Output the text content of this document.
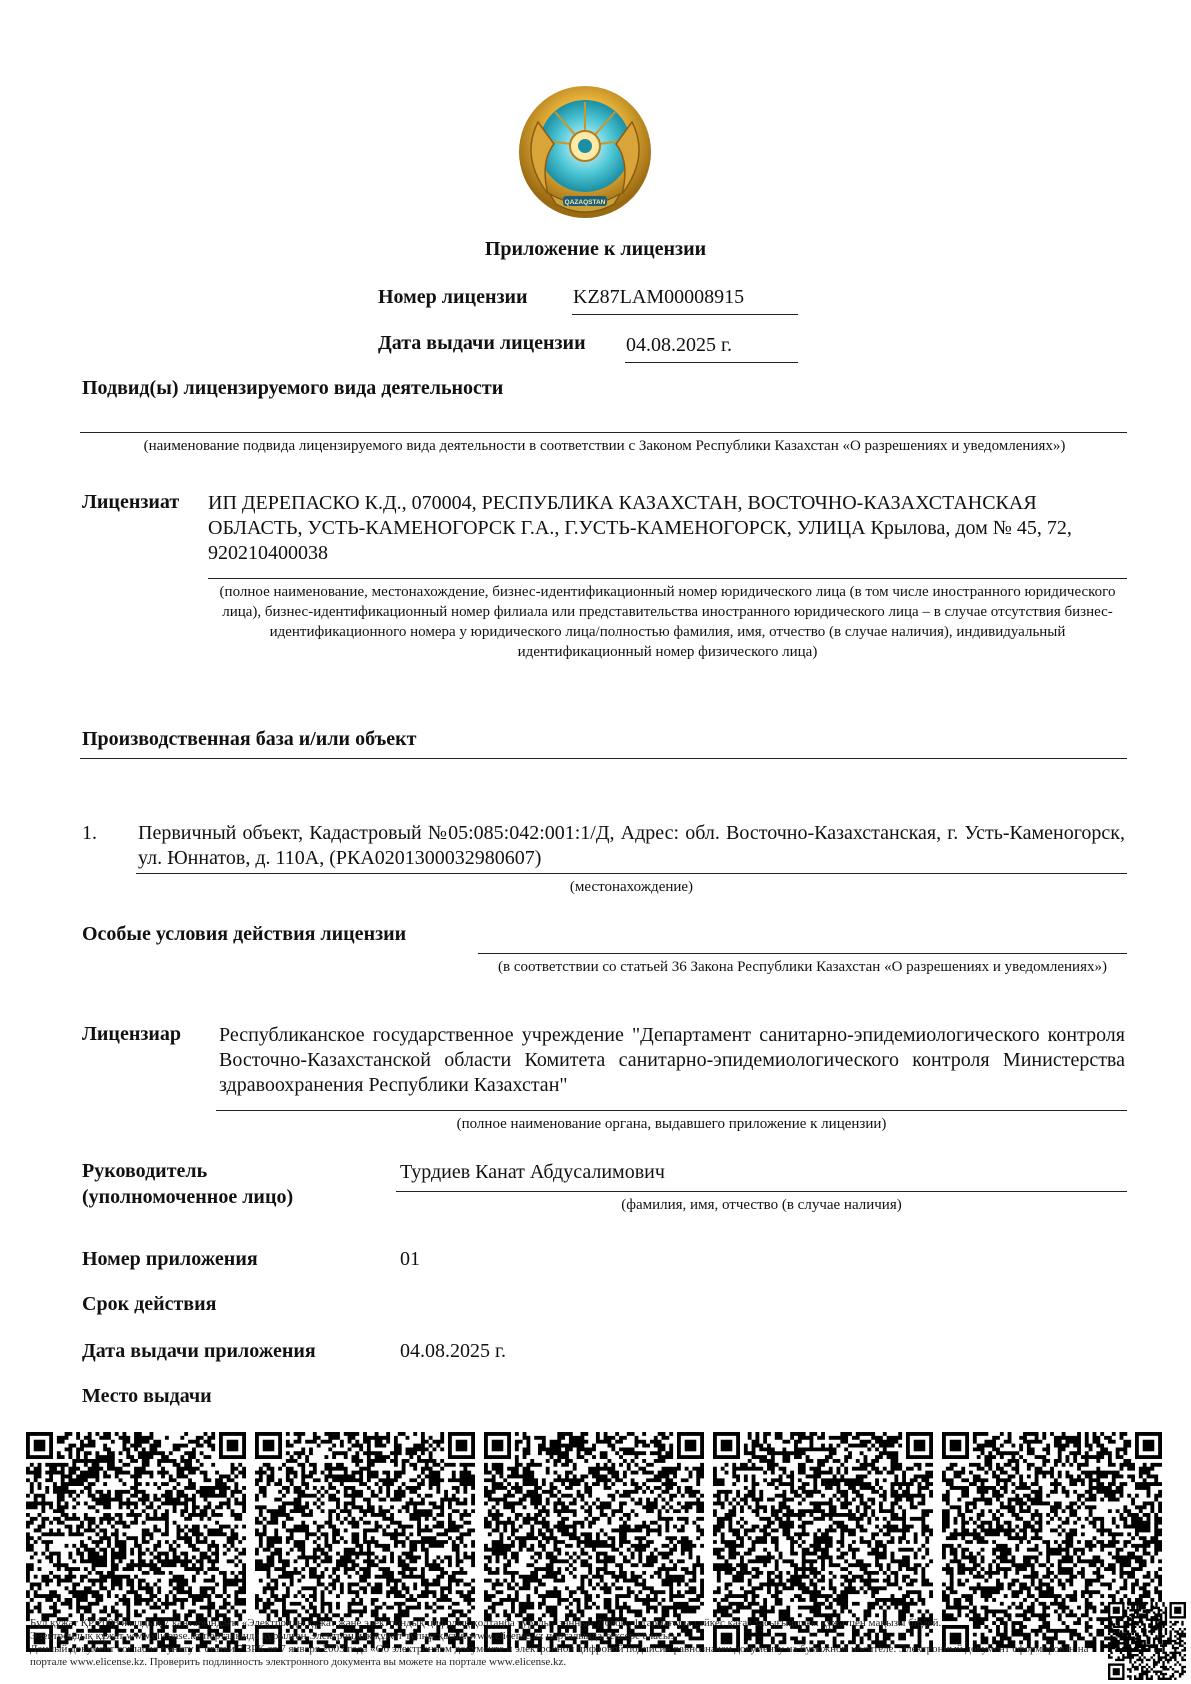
QAZAQSTAN
Приложение к лицензии
Номер лицензии KZ87LAM00008915
Дата выдачи лицензии 04.08.2025 г.
Подвид(ы) лицензируемого вида деятельности
(наименование подвида лицензируемого вида деятельности в соответствии с Законом Республики Казахстан «О разрешениях и уведомлениях»)
Лицензиат ИП ДЕРЕПАСКО К.Д., 070004, РЕСПУБЛИКА КАЗАХСТАН, ВОСТОЧНО-КАЗАХСТАНСКАЯ ОБЛАСТЬ, УСТЬ-КАМЕНОГОРСК Г.А., Г.УСТЬ-КАМЕНОГОРСК, УЛИЦА Крылова, дом № 45, 72, 920210400038
(полное наименование, местонахождение, бизнес-идентификационный номер юридического лица (в том числе иностранного юридического лица), бизнес-идентификационный номер филиала или представительства иностранного юридического лица – в случае отсутствия бизнес-идентификационного номера у юридического лица/полностью фамилия, имя, отчество (в случае наличия), индивидуальный идентификационный номер физического лица)
Производственная база и/или объект
1. Первичный объект, Кадастровый №05:085:042:001:1/Д, Адрес: обл. Восточно-Казахстанская, г. Усть-Каменогорск, ул. Юннатов, д. 110А, (РКА0201300032980607)
(местонахождение)
Особые условия действия лицензии
(в соответствии со статьей 36 Закона Республики Казахстан «О разрешениях и уведомлениях»)
Лицензиар Республиканское государственное учреждение "Департамент санитарно-эпидемиологического контроля Восточно-Казахстанской области Комитета санитарно-эпидемиологического контроля Министерства здравоохранения Республики Казахстан"
(полное наименование органа, выдавшего приложение к лицензии)
Руководитель
(уполномоченное лицо)
Турдиев Канат Абдусалимович
(фамилия, имя, отчество (в случае наличия)
Номер приложения	01
Срок действия
Дата выдачи приложения	04.08.2025 г.
Место выдачи
Бұл құжат ҚР 2003 жылдың 7 қаңтарындағы «Электронды құжат және электрондық цифрлық қолтаңба туралы» заңның 7 бабы, 1 тармағына сәйкес қағаз тасығыштағы құжатпен маңызы бірдей.
Электрондық құжат www.elicense.kz порталында құрылған.Электрондық құжат түпнұсқасын www.elicense.kz порталында тексере аласыз.
Данный документ согласно пункту 1 статьи 7 ЗРК от 7 января 2003 года «Об электронном документе и электронной цифровой подписи» равнозначен документу на бумажном носителе. Электронный документ сформирован на портале www.elicense.kz. Проверить подлинность электронного документа вы можете на портале www.elicense.kz.
